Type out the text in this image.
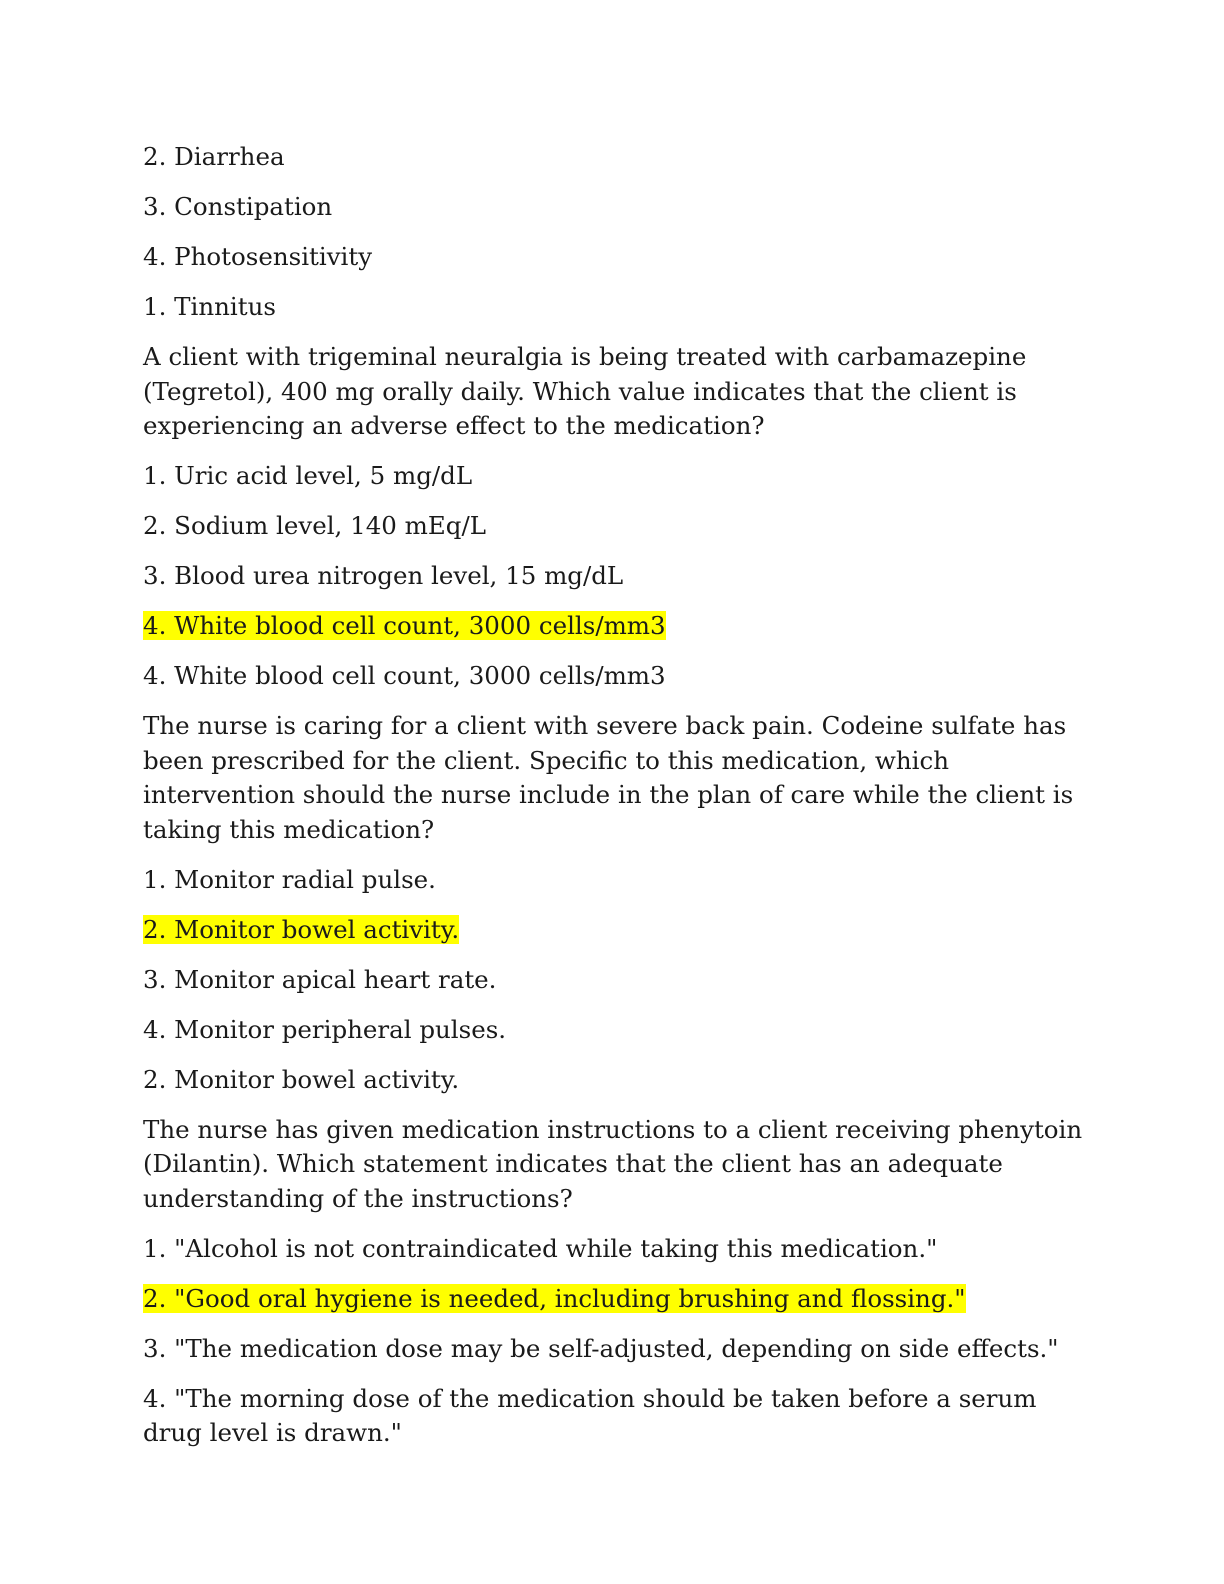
2. Diarrhea

3. Constipation

4. Photosensitivity

1. Tinnitus

A client with trigeminal neuralgia is being treated with carbamazepine (Tegretol), 400 mg orally daily. Which value indicates that the client is experiencing an adverse effect to the medication?

1. Uric acid level, 5 mg/dL

2. Sodium level, 140 mEq/L

3. Blood urea nitrogen level, 15 mg/dL

4. White blood cell count, 3000 cells/mm3

4. White blood cell count, 3000 cells/mm3

The nurse is caring for a client with severe back pain. Codeine sulfate has been prescribed for the client. Specific to this medication, which intervention should the nurse include in the plan of care while the client is taking this medication?

1. Monitor radial pulse.

2. Monitor bowel activity.

3. Monitor apical heart rate.

4. Monitor peripheral pulses.

2. Monitor bowel activity.

The nurse has given medication instructions to a client receiving phenytoin (Dilantin). Which statement indicates that the client has an adequate understanding of the instructions?

1. "Alcohol is not contraindicated while taking this medication."

2. "Good oral hygiene is needed, including brushing and flossing."

3. "The medication dose may be self-adjusted, depending on side effects."

4. "The morning dose of the medication should be taken before a serum drug level is drawn."
